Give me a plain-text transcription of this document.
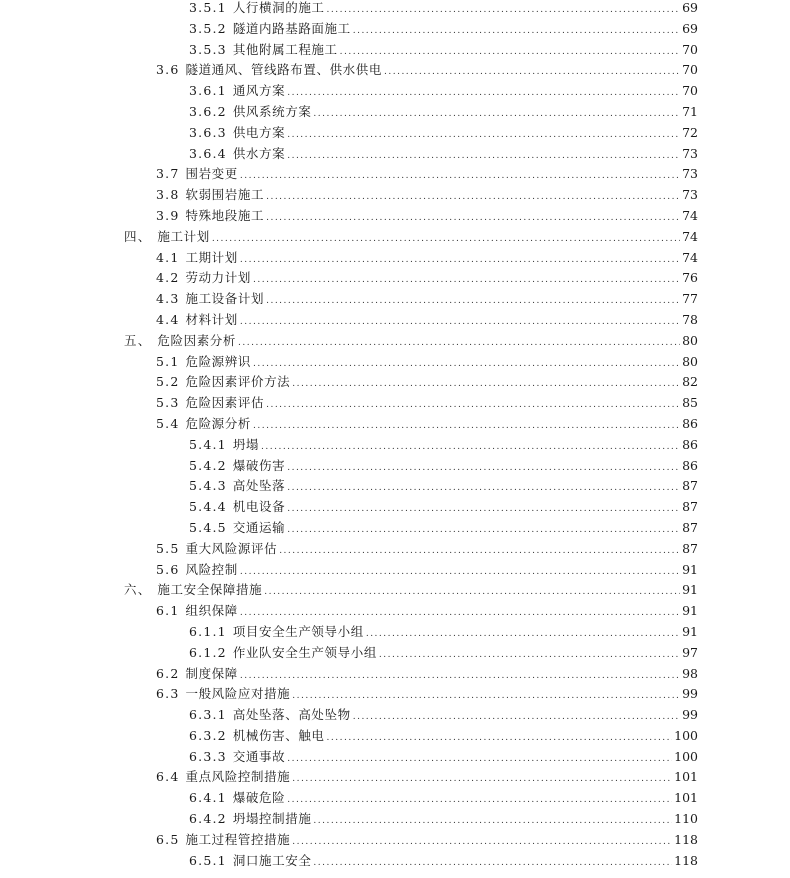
3.5.1 人行横洞的施工 .....	69
3.5.2 隧道内路基路面施工 .....	69
3.5.3 其他附属工程施工 .....	70
3.6 隧道通风、管线路布置、供水供电 .....	70
3.6.1 通风方案 .....	70
3.6.2 供风系统方案 .....	71
3.6.3 供电方案 .....	72
3.6.4 供水方案 .....	73
3.7 围岩变更 .....	73
3.8 软弱围岩施工 .....	73
3.9 特殊地段施工 .....	74
四、 施工计划 .....	74
4.1 工期计划 .....	74
4.2 劳动力计划 .....	76
4.3 施工设备计划 .....	77
4.4 材料计划 .....	78
五、 危险因素分析 .....	80
5.1 危险源辨识 .....	80
5.2 危险因素评价方法 .....	82
5.3 危险因素评估 .....	85
5.4 危险源分析 .....	86
5.4.1 坍塌 .....	86
5.4.2 爆破伤害 .....	86
5.4.3 高处坠落 .....	87
5.4.4 机电设备 .....	87
5.4.5 交通运输 .....	87
5.5 重大风险源评估 .....	87
5.6 风险控制 .....	91
六、 施工安全保障措施 .....	91
6.1 组织保障 .....	91
6.1.1 项目安全生产领导小组 .....	91
6.1.2 作业队安全生产领导小组 .....	97
6.2 制度保障 .....	98
6.3 一般风险应对措施 .....	99
6.3.1 高处坠落、高处坠物 .....	99
6.3.2 机械伤害、触电 .....	100
6.3.3 交通事故 .....	100
6.4 重点风险控制措施 .....	101
6.4.1 爆破危险 .....	101
6.4.2 坍塌控制措施 .....	110
6.5 施工过程管控措施 .....	118
6.5.1 洞口施工安全 .....	118
